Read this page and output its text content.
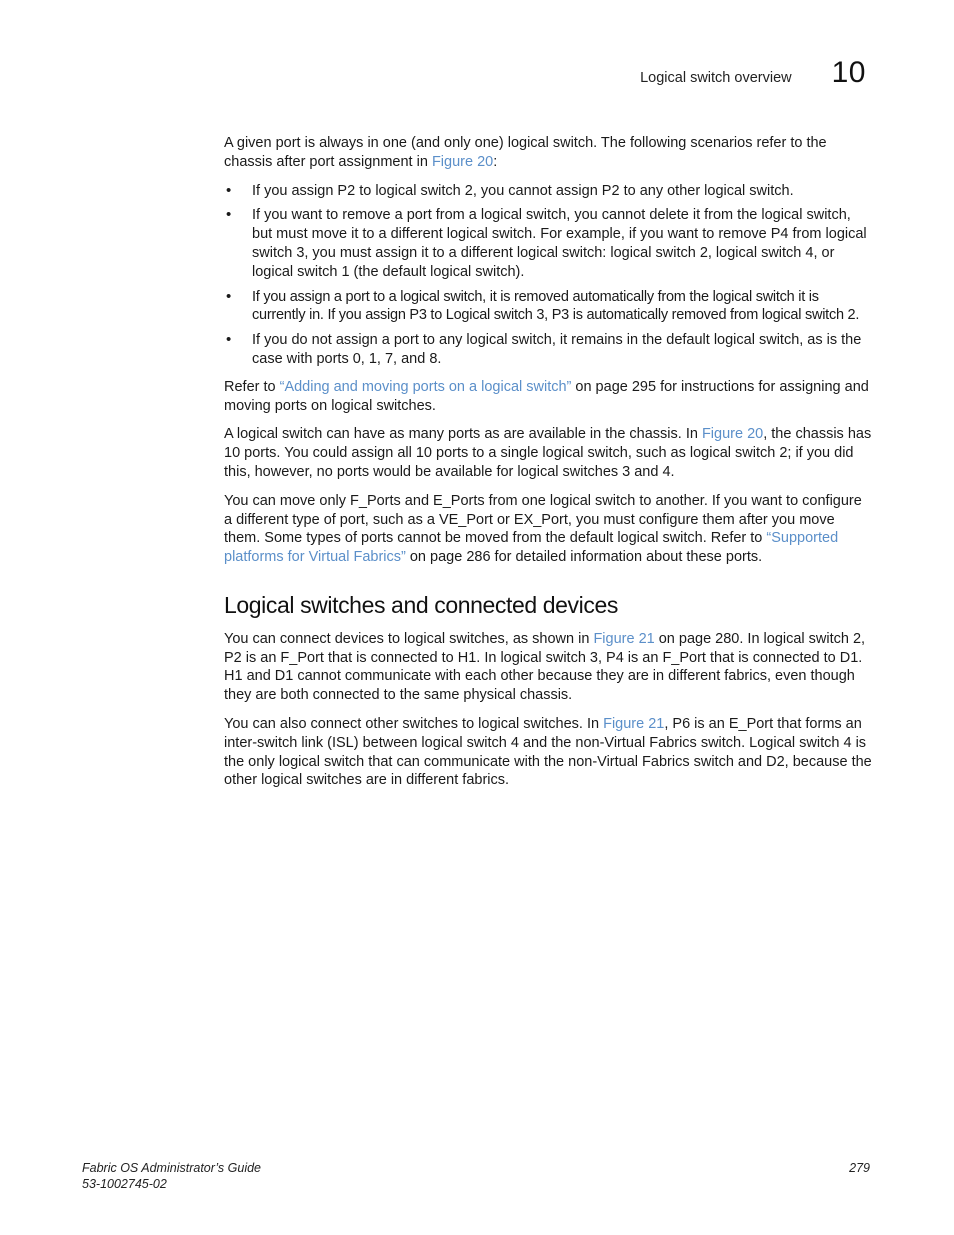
Logical switch overview 10

A given port is always in one (and only one) logical switch. The following scenarios refer to the chassis after port assignment in Figure 20:

• If you assign P2 to logical switch 2, you cannot assign P2 to any other logical switch.
• If you want to remove a port from a logical switch, you cannot delete it from the logical switch, but must move it to a different logical switch. For example, if you want to remove P4 from logical switch 3, you must assign it to a different logical switch: logical switch 2, logical switch 4, or logical switch 1 (the default logical switch).
• If you assign a port to a logical switch, it is removed automatically from the logical switch it is currently in. If you assign P3 to Logical switch 3, P3 is automatically removed from logical switch 2.
• If you do not assign a port to any logical switch, it remains in the default logical switch, as is the case with ports 0, 1, 7, and 8.

Refer to “Adding and moving ports on a logical switch” on page 295 for instructions for assigning and moving ports on logical switches.

A logical switch can have as many ports as are available in the chassis. In Figure 20, the chassis has 10 ports. You could assign all 10 ports to a single logical switch, such as logical switch 2; if you did this, however, no ports would be available for logical switches 3 and 4.

You can move only F_Ports and E_Ports from one logical switch to another. If you want to configure a different type of port, such as a VE_Port or EX_Port, you must configure them after you move them. Some types of ports cannot be moved from the default logical switch. Refer to “Supported platforms for Virtual Fabrics” on page 286 for detailed information about these ports.

Logical switches and connected devices

You can connect devices to logical switches, as shown in Figure 21 on page 280. In logical switch 2, P2 is an F_Port that is connected to H1. In logical switch 3, P4 is an F_Port that is connected to D1. H1 and D1 cannot communicate with each other because they are in different fabrics, even though they are both connected to the same physical chassis.

You can also connect other switches to logical switches. In Figure 21, P6 is an E_Port that forms an inter-switch link (ISL) between logical switch 4 and the non-Virtual Fabrics switch. Logical switch 4 is the only logical switch that can communicate with the non-Virtual Fabrics switch and D2, because the other logical switches are in different fabrics.

Fabric OS Administrator’s Guide
53-1002745-02
279
